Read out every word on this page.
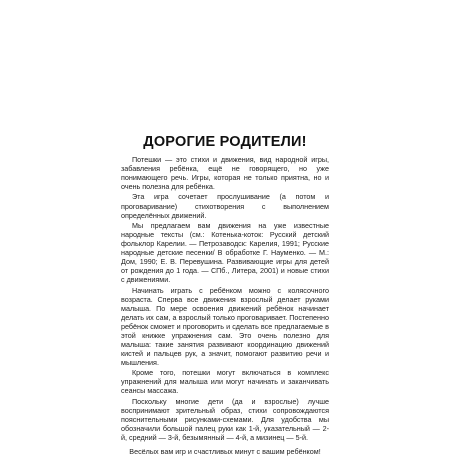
ДОРОГИЕ РОДИТЕЛИ!

Потешки — это стихи и движения, вид народной игры, забавления ребёнка, ещё не говорящего, но уже понимающего речь. Игры, которая не только приятна, но и очень полезна для ребёнка.

Эта игра сочетает прослушивание (а потом и проговаривание) стихотворения с выполнением определённых движений.

Мы предлагаем вам движения на уже известные народные тексты (см.: Котенька-коток: Русский детский фольклор Карелии. — Петрозаводск: Карелия, 1991; Русские народные детские песенки/ В обработке Г. Науменко. — М.: Дом, 1990; Е. В. Перевушина. Развивающие игры для детей от рождения до 1 года. — СПб., Литера, 2001) и новые стихи с движениями.

Начинать играть с ребёнком можно с колясочного возраста. Сперва все движения взрослый делает руками малыша. По мере освоения движений ребёнок начинает делать их сам, а взрослый только проговаривает. Постепенно ребёнок сможет и проговорить и сделать все предлагаемые в этой книжке упражнения сам. Это очень полезно для малыша: такие занятия развивают координацию движений кистей и пальцев рук, а значит, помогают развитию речи и мышления.

Кроме того, потешки могут включаться в комплекс упражнений для малыша или могут начинать и заканчивать сеансы массажа.

Поскольку многие дети (да и взрослые) лучше воспринимают зрительный образ, стихи сопровождаются пояснительными рисунками-схемами. Для удобства мы обозначили большой палец руки как 1-й, указательный — 2-й, средний — 3-й, безымянный — 4-й, а мизинец — 5-й.

Весёлых вам игр и счастливых минут с вашим ребёнком!
